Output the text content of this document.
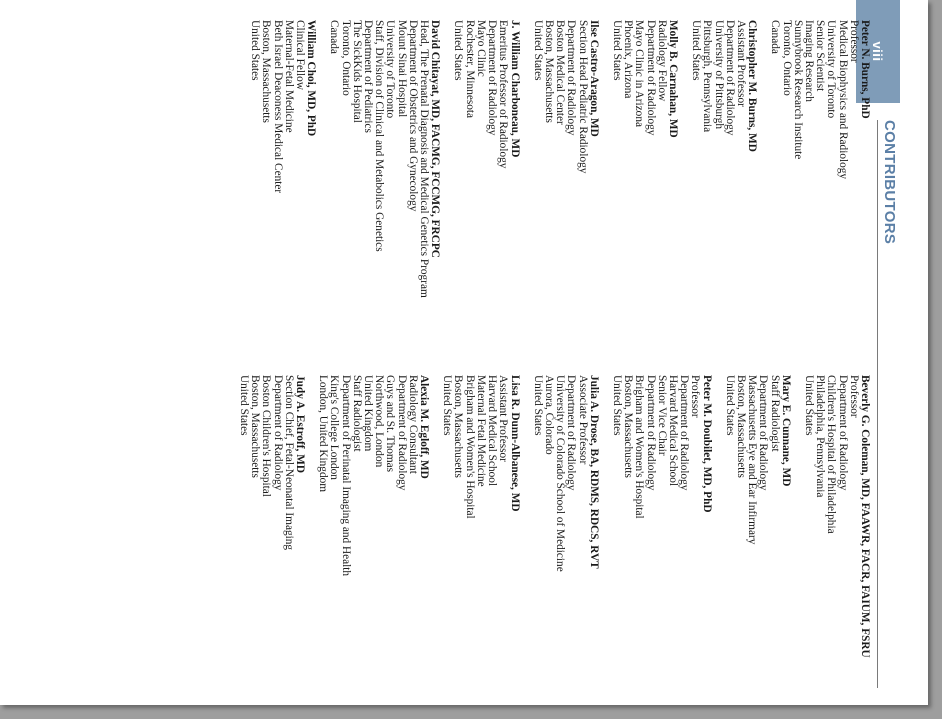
viii
CONTRIBUTORS
Peter N. Burns, PhD
Professor
Medical Biophysics and Radiology
University of Toronto
Senior Scientist
Imaging Research
Sunnybrook Research Institute
Toronto, Ontario
Canada
Christopher M. Burns, MD
Assistant Professor
Department of Radiology
University of Pittsburgh
Pittsburgh, Pennsylvania
United States
Molly B. Carnahan, MD
Radiology Fellow
Department of Radiology
Mayo Clinic in Arizona
Phoenix, Arizona
United States
Ilse Castro-Aragon, MD
Section Head Pediatric Radiology
Department of Radiology
Boston Medical Center
Boston, Massachusetts
United States
J. William Charboneau, MD
Emeritus Professor of Radiology
Department of Radiology
Mayo Clinic
Rochester, Minnesota
United States
David Chitayat, MD, FACMG, FCCMG, FRCPC
Head, The Prenatal Diagnosis and Medical Genetics Program
Department of Obstetrics and Gynecology
Mount Sinai Hospital
University of Toronto
Staff, Division of Clinical and Metabolics Genetics
Department of Pediatrics
The SickKids Hospital
Toronto, Ontario
Canada
William Choi, MD, PhD
Clinical Fellow
Maternal-Fetal Medicine
Beth Israel Deaconess Medical Center
Boston, Massachusetts
United States
Beverly G. Coleman, MD, FAAWR, FACR, FAIUM, FSRU
Professor
Department of Radiology
Children's Hospital of Philadelphia
Philadelphia, Pennsylvania
United States
Mary E. Cunnane, MD
Staff Radiologist
Department of Radiology
Massachusetts Eye and Ear Infirmary
Boston, Massachusetts
United States
Peter M. Doubilet, MD, PhD
Professor
Department of Radiology
Harvard Medical School
Senior Vice Chair
Department of Radiology
Brigham and Women's Hospital
Boston, Massachusetts
United States
Julia A. Drose, BA, RDMS, RDCS, RVT
Associate Professor
Department of Radiology
University of Colorado School of Medicine
Aurora, Colorado
United States
Lisa R. Dunn-Albanese, MD
Assistant Professor
Harvard Medical School
Maternal Fetal Medicine
Brigham and Women's Hospital
Boston, Massachusetts
United States
Alexia M. Egloff, MD
Radiology Consultant
Department of Radiology
Guys and St. Thomas
Northwood, London
United Kingdom
Staff Radiologist
Department of Perinatal Imaging and Health
King's College London
London, United Kingdom
Judy A. Estroff, MD
Section Chief, Fetal-Neonatal Imaging
Department of Radiology
Boston Children's Hospital
Boston, Massachusetts
United States
